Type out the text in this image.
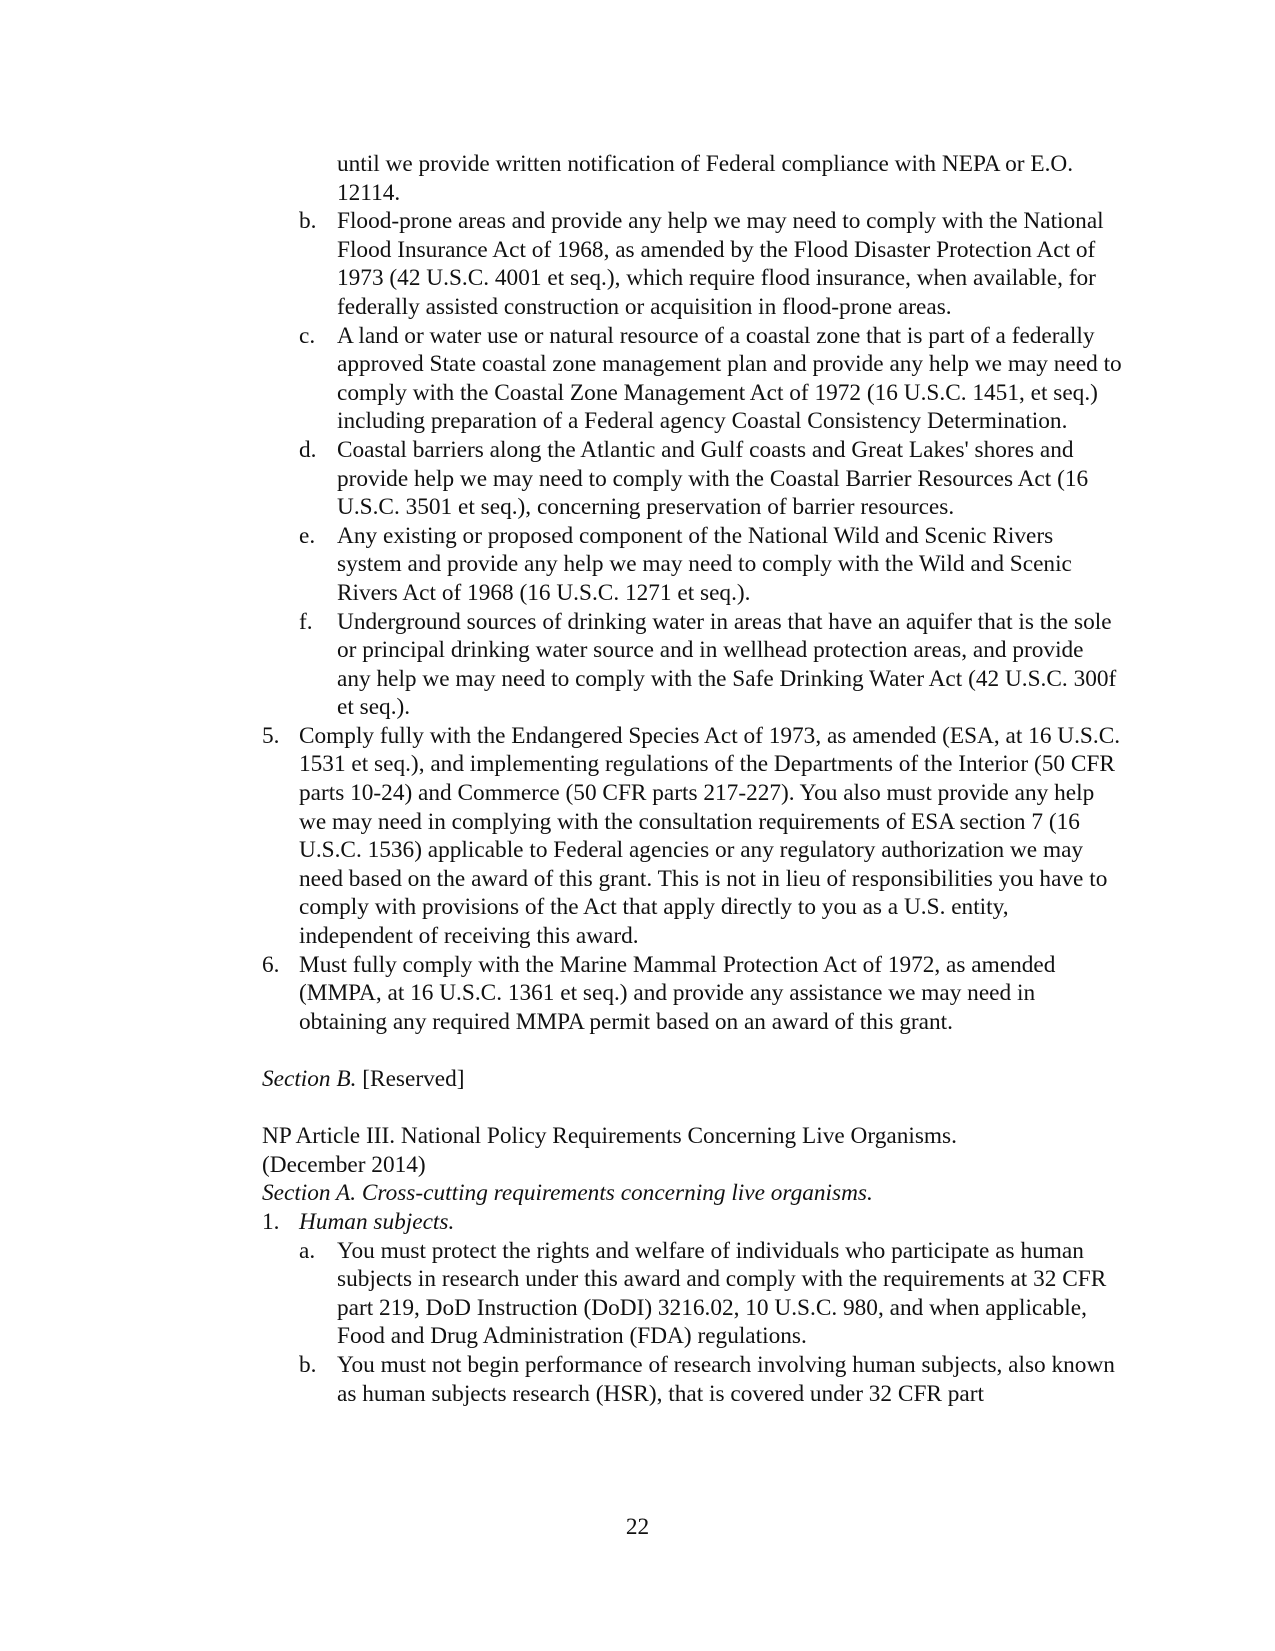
until we provide written notification of Federal compliance with NEPA or E.O. 12114.
b. Flood-prone areas and provide any help we may need to comply with the National Flood Insurance Act of 1968, as amended by the Flood Disaster Protection Act of 1973 (42 U.S.C. 4001 et seq.), which require flood insurance, when available, for federally assisted construction or acquisition in flood-prone areas.
c. A land or water use or natural resource of a coastal zone that is part of a federally approved State coastal zone management plan and provide any help we may need to comply with the Coastal Zone Management Act of 1972 (16 U.S.C. 1451, et seq.) including preparation of a Federal agency Coastal Consistency Determination.
d. Coastal barriers along the Atlantic and Gulf coasts and Great Lakes' shores and provide help we may need to comply with the Coastal Barrier Resources Act (16 U.S.C. 3501 et seq.), concerning preservation of barrier resources.
e. Any existing or proposed component of the National Wild and Scenic Rivers system and provide any help we may need to comply with the Wild and Scenic Rivers Act of 1968 (16 U.S.C. 1271 et seq.).
f. Underground sources of drinking water in areas that have an aquifer that is the sole or principal drinking water source and in wellhead protection areas, and provide any help we may need to comply with the Safe Drinking Water Act (42 U.S.C. 300f et seq.).
5. Comply fully with the Endangered Species Act of 1973, as amended (ESA, at 16 U.S.C. 1531 et seq.), and implementing regulations of the Departments of the Interior (50 CFR parts 10-24) and Commerce (50 CFR parts 217-227). You also must provide any help we may need in complying with the consultation requirements of ESA section 7 (16 U.S.C. 1536) applicable to Federal agencies or any regulatory authorization we may need based on the award of this grant. This is not in lieu of responsibilities you have to comply with provisions of the Act that apply directly to you as a U.S. entity, independent of receiving this award.
6. Must fully comply with the Marine Mammal Protection Act of 1972, as amended (MMPA, at 16 U.S.C. 1361 et seq.) and provide any assistance we may need in obtaining any required MMPA permit based on an award of this grant.
Section B. [Reserved]
NP Article III. National Policy Requirements Concerning Live Organisms.
(December 2014)
Section A. Cross-cutting requirements concerning live organisms.
1. Human subjects.
a. You must protect the rights and welfare of individuals who participate as human subjects in research under this award and comply with the requirements at 32 CFR part 219, DoD Instruction (DoDI) 3216.02, 10 U.S.C. 980, and when applicable, Food and Drug Administration (FDA) regulations.
b. You must not begin performance of research involving human subjects, also known as human subjects research (HSR), that is covered under 32 CFR part
22
